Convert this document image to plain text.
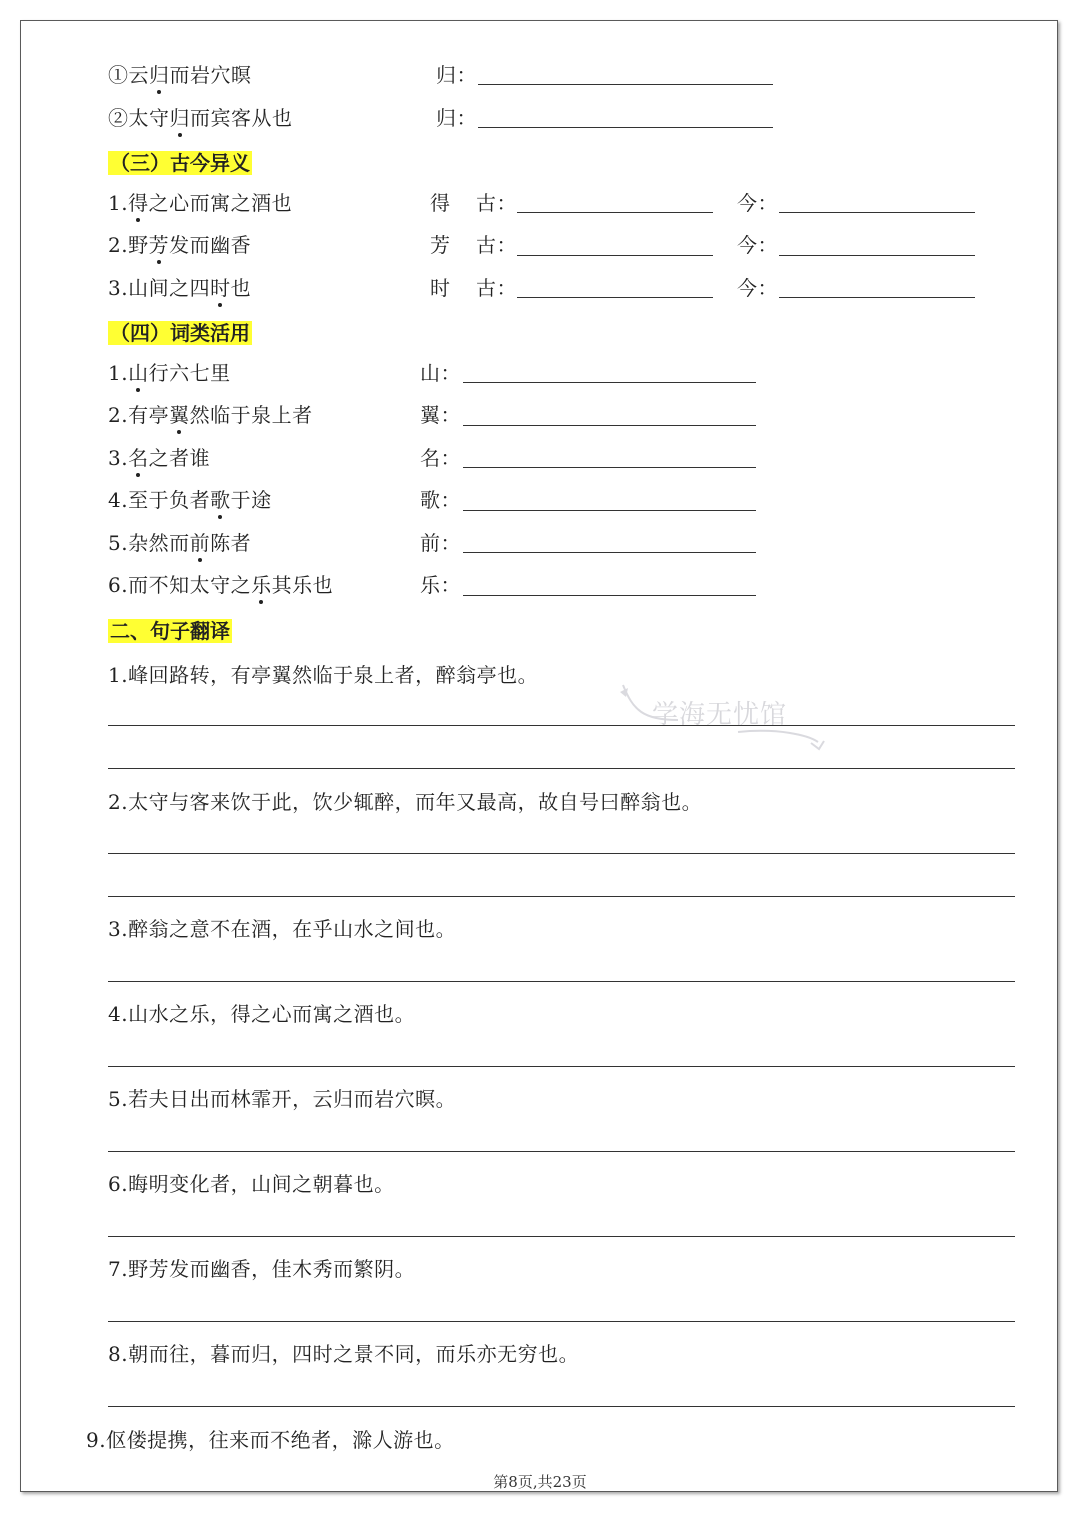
①云归而岩穴暝	归：
②太守归而宾客从也	归：
（三）古今异义
1.得之心而寓之酒也	得 古：	今：
2.野芳发而幽香	芳 古：	今：
3.山间之四时也	时 古：	今：
（四）词类活用
1.山行六七里	山：
2.有亭翼然临于泉上者	翼：
3.名之者谁	名：
4.至于负者歌于途	歌：
5.杂然而前陈者	前：
6.而不知太守之乐其乐也	乐：
二、句子翻译
学海无忧馆
1.峰回路转，有亭翼然临于泉上者，醉翁亭也。
2.太守与客来饮于此，饮少辄醉，而年又最高，故自号曰醉翁也。
3.醉翁之意不在酒，在乎山水之间也。
4.山水之乐，得之心而寓之酒也。
5.若夫日出而林霏开，云归而岩穴暝。
6.晦明变化者，山间之朝暮也。
7.野芳发而幽香，佳木秀而繁阴。
8.朝而往，暮而归，四时之景不同，而乐亦无穷也。
9.伛偻提携，往来而不绝者，滁人游也。
第8页,共23页
